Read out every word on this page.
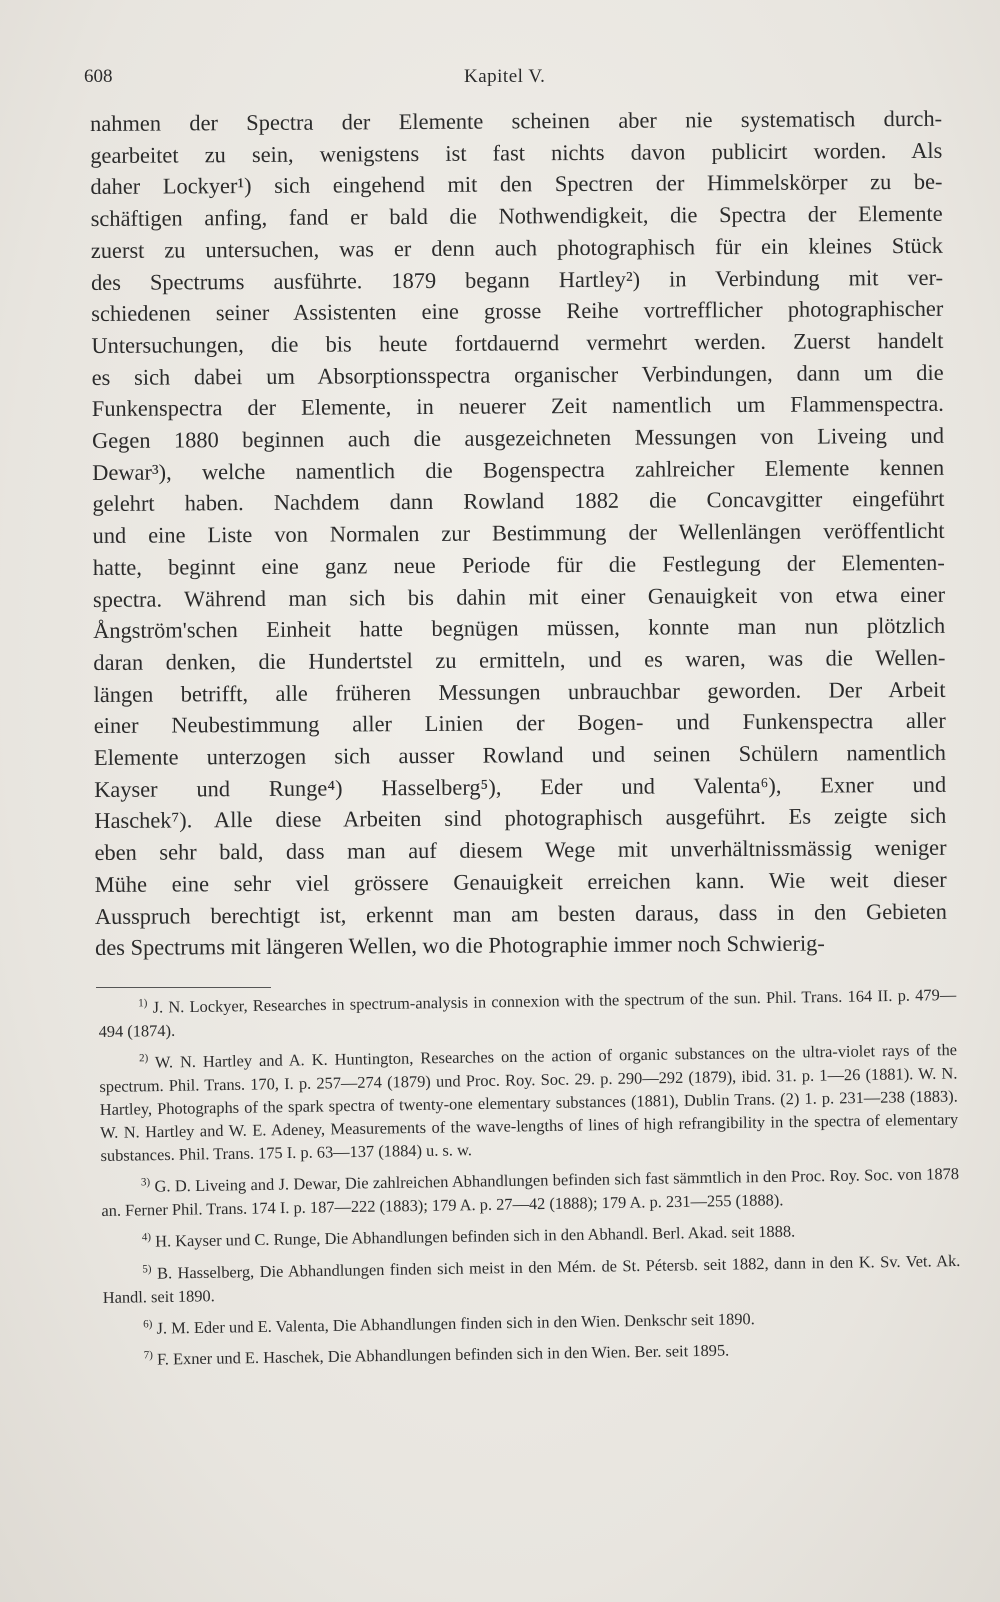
608	Kapitel V.

nahmen der Spectra der Elemente scheinen aber nie systematisch durch-

gearbeitet zu sein, wenigstens ist fast nichts davon publicirt worden. Als

daher Lockyer¹) sich eingehend mit den Spectren der Himmelskörper zu be-

schäftigen anfing, fand er bald die Nothwendigkeit, die Spectra der Elemente

zuerst zu untersuchen, was er denn auch photographisch für ein kleines Stück

des Spectrums ausführte. 1879 begann Hartley²) in Verbindung mit ver-

schiedenen seiner Assistenten eine grosse Reihe vortrefflicher photographischer

Untersuchungen, die bis heute fortdauernd vermehrt werden. Zuerst handelt

es sich dabei um Absorptionsspectra organischer Verbindungen, dann um die

Funkenspectra der Elemente, in neuerer Zeit namentlich um Flammenspectra.

Gegen 1880 beginnen auch die ausgezeichneten Messungen von Liveing und

Dewar³), welche namentlich die Bogenspectra zahlreicher Elemente kennen

gelehrt haben. Nachdem dann Rowland 1882 die Concavgitter eingeführt

und eine Liste von Normalen zur Bestimmung der Wellenlängen veröffentlicht

hatte, beginnt eine ganz neue Periode für die Festlegung der Elementen-

spectra. Während man sich bis dahin mit einer Genauigkeit von etwa einer

Ångström'schen Einheit hatte begnügen müssen, konnte man nun plötzlich

daran denken, die Hundertstel zu ermitteln, und es waren, was die Wellen-

längen betrifft, alle früheren Messungen unbrauchbar geworden. Der Arbeit

einer Neubestimmung aller Linien der Bogen- und Funkenspectra aller

Elemente unterzogen sich ausser Rowland und seinen Schülern namentlich

Kayser und Runge⁴) Hasselberg⁵), Eder und Valenta⁶), Exner und

Haschek⁷). Alle diese Arbeiten sind photographisch ausgeführt. Es zeigte sich

eben sehr bald, dass man auf diesem Wege mit unverhältnissmässig weniger

Mühe eine sehr viel grössere Genauigkeit erreichen kann. Wie weit dieser

Ausspruch berechtigt ist, erkennt man am besten daraus, dass in den Gebieten

des Spectrums mit längeren Wellen, wo die Photographie immer noch Schwierig-

$^{1)}$ J. N. Lockyer, Researches in spectrum-analysis in connexion with the spectrum of the sun. Phil. Trans. 164 II. p. 479—494 (1874).

$^{2)}$ W. N. Hartley and A. K. Huntington, Researches on the action of organic substances on the ultra-violet rays of the spectrum. Phil. Trans. 170, I. p. 257—274 (1879) und Proc. Roy. Soc. 29. p. 290—292 (1879), ibid. 31. p. 1—26 (1881). W. N. Hartley, Photographs of the spark spectra of twenty-one elementary substances (1881), Dublin Trans. (2) 1. p. 231—238 (1883). W. N. Hartley and W. E. Adeney, Measurements of the wave-lengths of lines of high refrangibility in the spectra of elementary substances. Phil. Trans. 175 I. p. 63—137 (1884) u. s. w.

$^{3)}$ G. D. Liveing and J. Dewar, Die zahlreichen Abhandlungen befinden sich fast sämmtlich in den Proc. Roy. Soc. von 1878 an. Ferner Phil. Trans. 174 I. p. 187—222 (1883); 179 A. p. 27—42 (1888); 179 A. p. 231—255 (1888).

$^{4)}$ H. Kayser und C. Runge, Die Abhandlungen befinden sich in den Abhandl. Berl. Akad. seit 1888.

$^{5)}$ B. Hasselberg, Die Abhandlungen finden sich meist in den Mém. de St. Pétersb. seit 1882, dann in den K. Sv. Vet. Ak. Handl. seit 1890.

$^{6)}$ J. M. Eder und E. Valenta, Die Abhandlungen finden sich in den Wien. Denkschr seit 1890.

$^{7)}$ F. Exner und E. Haschek, Die Abhandlungen befinden sich in den Wien. Ber. seit 1895.
